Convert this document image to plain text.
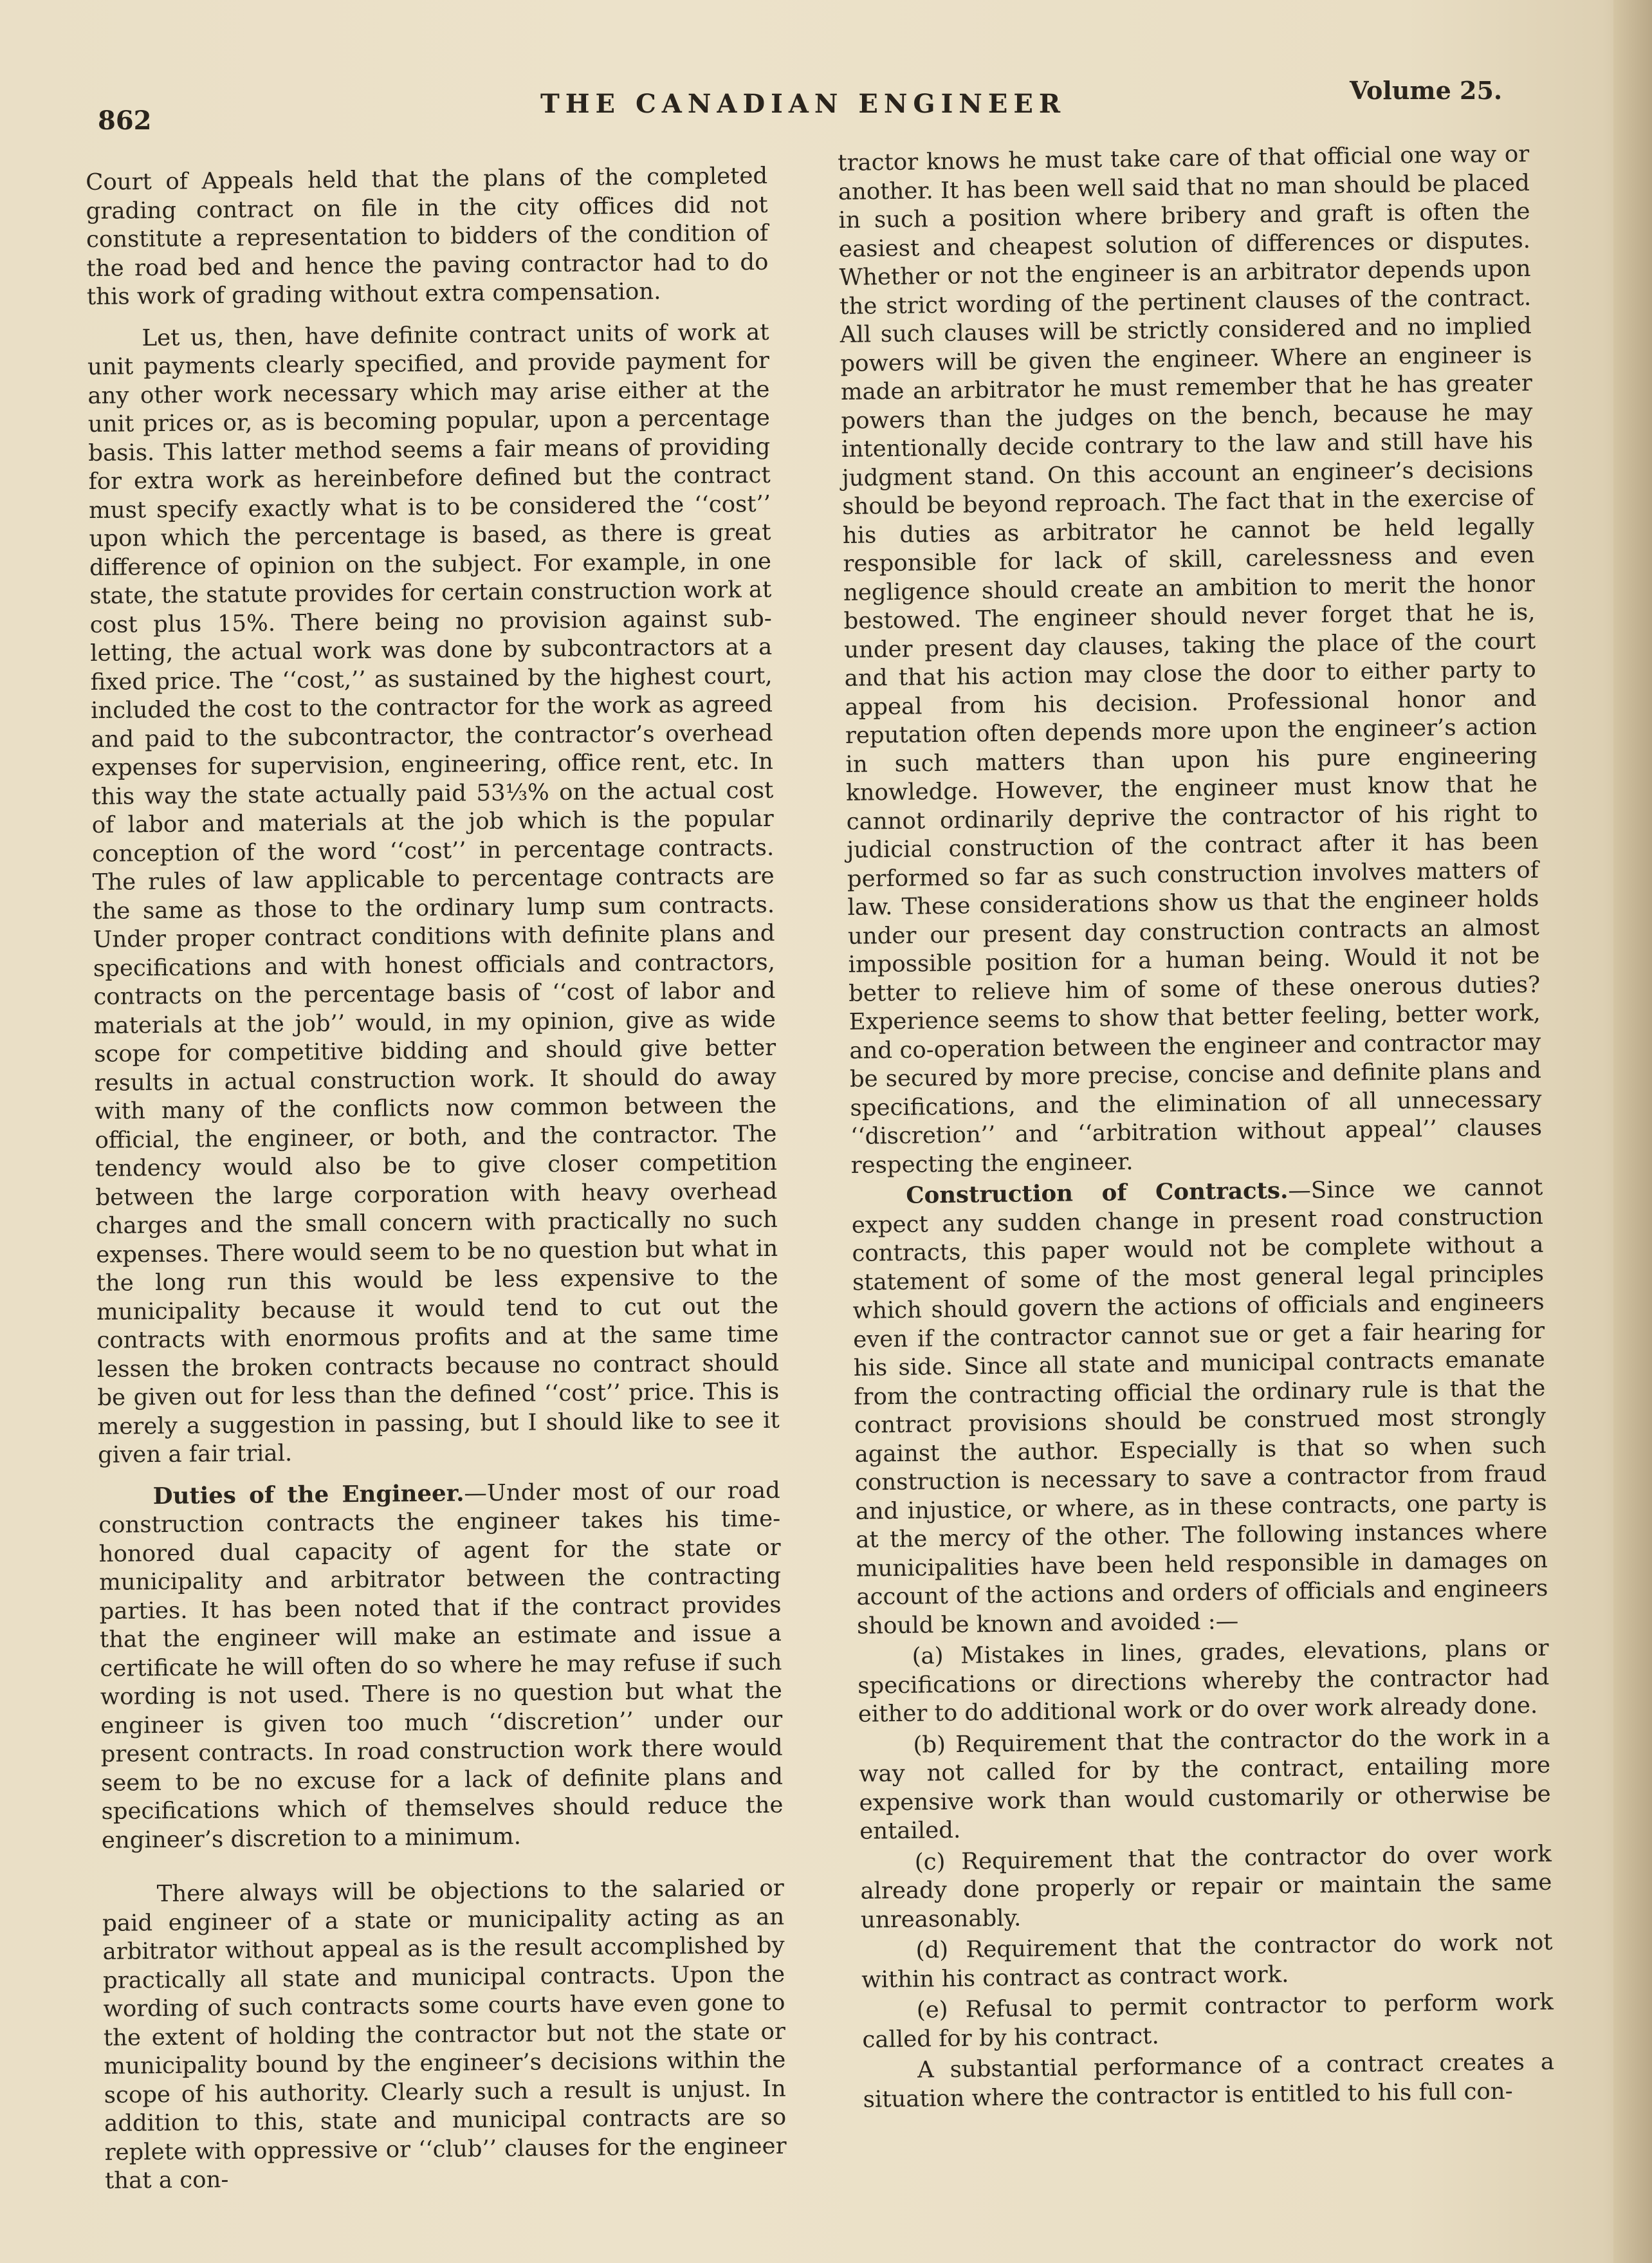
862
THE CANADIAN ENGINEER	Volume 25.

Court of Appeals held that the plans of the completed grading contract on file in the city offices did not constitute a representation to bidders of the condition of the road bed and hence the paving contractor had to do this work of grading without extra compensation.

Let us, then, have definite contract units of work at unit payments clearly specified, and provide payment for any other work necessary which may arise either at the unit prices or, as is becoming popular, upon a percentage basis. This latter method seems a fair means of providing for extra work as hereinbefore defined but the contract must specify exactly what is to be considered the ‘‘cost’’ upon which the percentage is based, as there is great difference of opinion on the subject. For example, in one state, the statute provides for certain construction work at cost plus 15%. There being no provision against sub-letting, the actual work was done by subcontractors at a fixed price. The ‘‘cost,’’ as sustained by the highest court, included the cost to the contractor for the work as agreed and paid to the subcontractor, the contractor’s overhead expenses for supervision, engineering, office rent, etc. In this way the state actually paid 53⅓% on the actual cost of labor and materials at the job which is the popular conception of the word ‘‘cost’’ in percentage contracts. The rules of law applicable to percentage contracts are the same as those to the ordinary lump sum contracts. Under proper contract conditions with definite plans and specifications and with honest officials and contractors, contracts on the percentage basis of ‘‘cost of labor and materials at the job’’ would, in my opinion, give as wide scope for competitive bidding and should give better results in actual construction work. It should do away with many of the conflicts now common between the official, the engineer, or both, and the contractor. The tendency would also be to give closer competition between the large corporation with heavy overhead charges and the small concern with practically no such expenses. There would seem to be no question but what in the long run this would be less expensive to the municipality because it would tend to cut out the contracts with enormous profits and at the same time lessen the broken contracts because no contract should be given out for less than the defined ‘‘cost’’ price. This is merely a suggestion in passing, but I should like to see it given a fair trial.

Duties of the Engineer.—Under most of our road construction contracts the engineer takes his time-honored dual capacity of agent for the state or municipality and arbitrator between the contracting parties. It has been noted that if the contract provides that the engineer will make an estimate and issue a certificate he will often do so where he may refuse if such wording is not used. There is no question but what the engineer is given too much ‘‘discretion’’ under our present contracts. In road construction work there would seem to be no excuse for a lack of definite plans and specifications which of themselves should reduce the engineer’s discretion to a minimum.

There always will be objections to the salaried or paid engineer of a state or municipality acting as an arbitrator without appeal as is the result accomplished by practically all state and municipal contracts. Upon the wording of such contracts some courts have even gone to the extent of holding the contractor but not the state or municipality bound by the engineer’s decisions within the scope of his authority. Clearly such a result is unjust. In addition to this, state and municipal contracts are so replete with oppressive or ‘‘club’’ clauses for the engineer that a con-

tractor knows he must take care of that official one way or another. It has been well said that no man should be placed in such a position where bribery and graft is often the easiest and cheapest solution of differences or disputes. Whether or not the engineer is an arbitrator depends upon the strict wording of the pertinent clauses of the contract. All such clauses will be strictly considered and no implied powers will be given the engineer. Where an engineer is made an arbitrator he must remember that he has greater powers than the judges on the bench, because he may intentionally decide contrary to the law and still have his judgment stand. On this account an engineer’s decisions should be beyond reproach. The fact that in the exercise of his duties as arbitrator he cannot be held legally responsible for lack of skill, carelessness and even negligence should create an ambition to merit the honor bestowed. The engineer should never forget that he is, under present day clauses, taking the place of the court and that his action may close the door to either party to appeal from his decision. Professional honor and reputation often depends more upon the engineer’s action in such matters than upon his pure engineering knowledge. However, the engineer must know that he cannot ordinarily deprive the contractor of his right to judicial construction of the contract after it has been performed so far as such construction involves matters of law. These considerations show us that the engineer holds under our present day construction contracts an almost impossible position for a human being. Would it not be better to relieve him of some of these onerous duties? Experience seems to show that better feeling, better work, and co-operation between the engineer and contractor may be secured by more precise, concise and definite plans and specifications, and the elimination of all unnecessary ‘‘discretion’’ and ‘‘arbitration without appeal’’ clauses respecting the engineer.

Construction of Contracts.—Since we cannot expect any sudden change in present road construction contracts, this paper would not be complete without a statement of some of the most general legal principles which should govern the actions of officials and engineers even if the contractor cannot sue or get a fair hearing for his side. Since all state and municipal contracts emanate from the contracting official the ordinary rule is that the contract provisions should be construed most strongly against the author. Especially is that so when such construction is necessary to save a contractor from fraud and injustice, or where, as in these contracts, one party is at the mercy of the other. The following instances where municipalities have been held responsible in damages on account of the actions and orders of officials and engineers should be known and avoided :—

(a) Mistakes in lines, grades, elevations, plans or specifications or directions whereby the contractor had either to do additional work or do over work already done.

(b) Requirement that the contractor do the work in a way not called for by the contract, entailing more expensive work than would customarily or otherwise be entailed.

(c) Requirement that the contractor do over work already done properly or repair or maintain the same unreasonably.

(d) Requirement that the contractor do work not within his contract as contract work.

(e) Refusal to permit contractor to perform work called for by his contract.

A substantial performance of a contract creates a situation where the contractor is entitled to his full con-
